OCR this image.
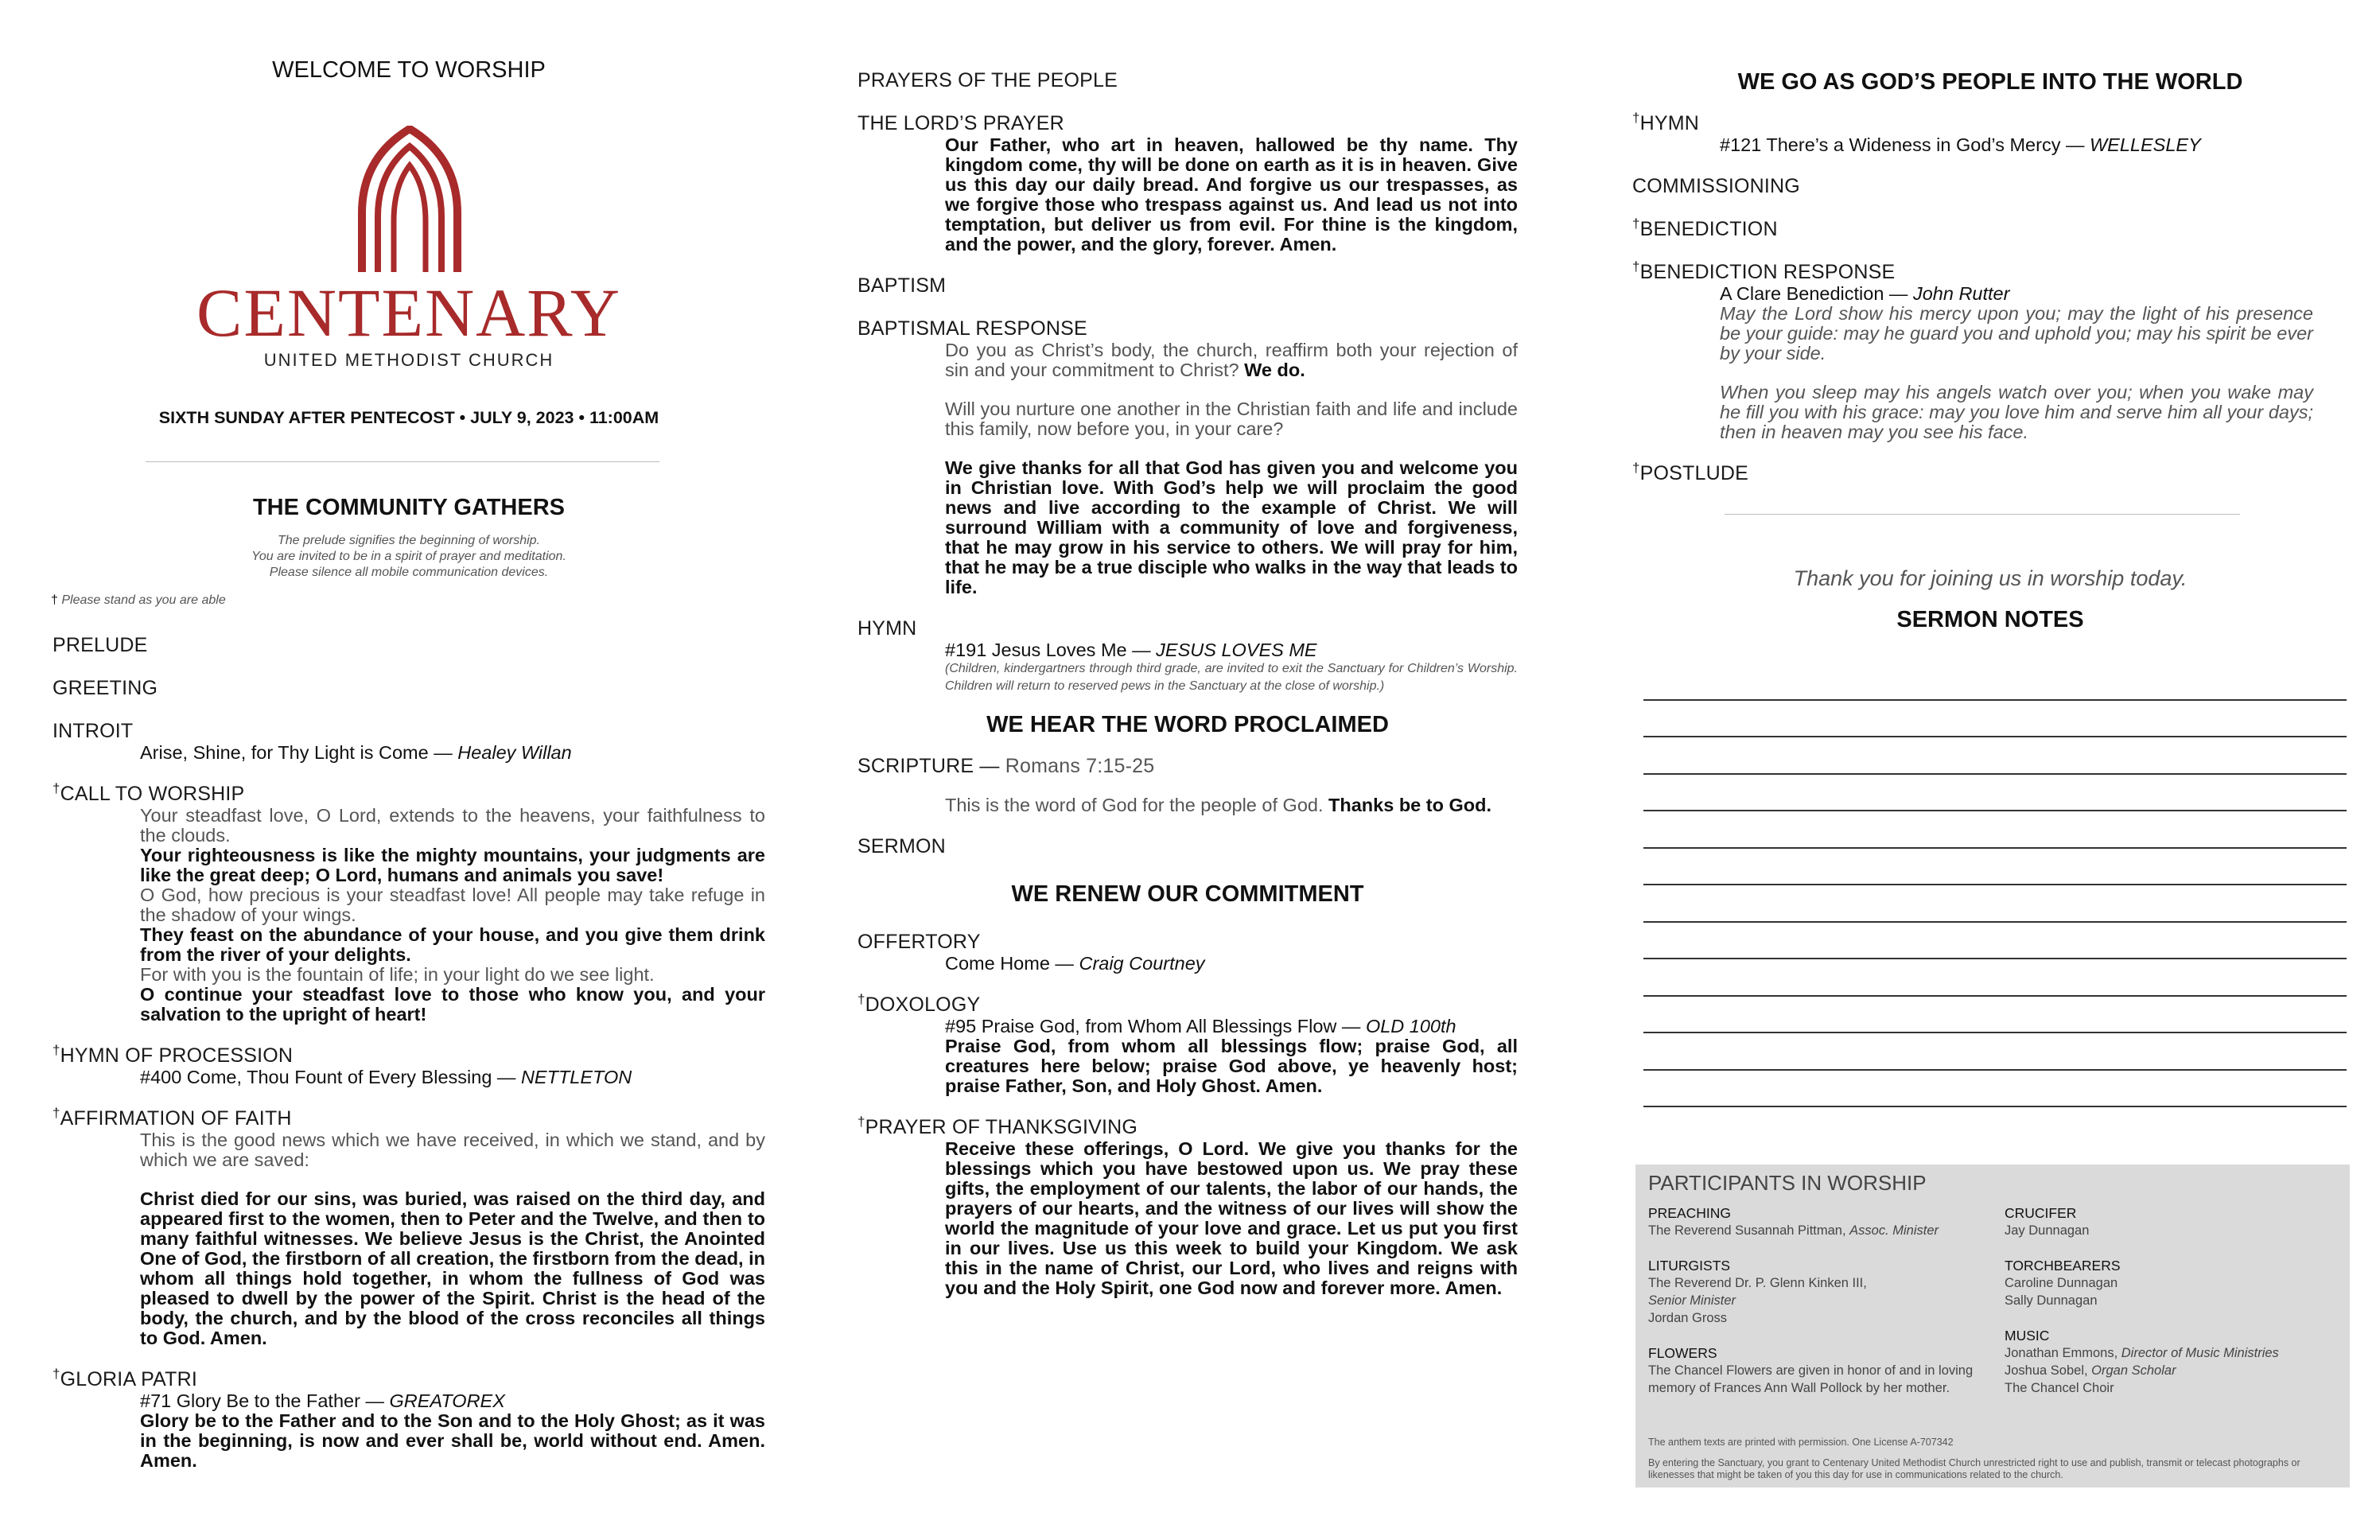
WELCOME TO WORSHIP
CENTENARY
UNITED METHODIST CHURCH
SIXTH SUNDAY AFTER PENTECOST • JULY 9, 2023 • 11:00AM
THE COMMUNITY GATHERS
The prelude signifies the beginning of worship.
You are invited to be in a spirit of prayer and meditation.
Please silence all mobile communication devices.
† Please stand as you are able
PRELUDE
GREETING
INTROIT
Arise, Shine, for Thy Light is Come — Healey Willan
†CALL TO WORSHIP
Your steadfast love, O Lord, extends to the heavens, your faithfulness to the clouds.
Your righteousness is like the mighty mountains, your judgments are like the great deep; O Lord, humans and animals you save!
O God, how precious is your steadfast love! All people may take refuge in the shadow of your wings.
They feast on the abundance of your house, and you give them drink from the river of your delights.
For with you is the fountain of life; in your light do we see light.
O continue your steadfast love to those who know you, and your salvation to the upright of heart!
†HYMN OF PROCESSION
#400 Come, Thou Fount of Every Blessing — NETTLETON
†AFFIRMATION OF FAITH
This is the good news which we have received, in which we stand, and by which we are saved:
Christ died for our sins, was buried, was raised on the third day, and appeared first to the women, then to Peter and the Twelve, and then to many faithful witnesses. We believe Jesus is the Christ, the Anointed One of God, the firstborn of all creation, the firstborn from the dead, in whom all things hold together, in whom the fullness of God was pleased to dwell by the power of the Spirit. Christ is the head of the body, the church, and by the blood of the cross reconciles all things to God. Amen.
†GLORIA PATRI
#71 Glory Be to the Father — GREATOREX
Glory be to the Father and to the Son and to the Holy Ghost; as it was in the beginning, is now and ever shall be, world without end. Amen. Amen.
PRAYERS OF THE PEOPLE
THE LORD’S PRAYER
Our Father, who art in heaven, hallowed be thy name. Thy kingdom come, thy will be done on earth as it is in heaven. Give us this day our daily bread. And forgive us our trespasses, as we forgive those who trespass against us. And lead us not into temptation, but deliver us from evil. For thine is the kingdom, and the power, and the glory, forever. Amen.
BAPTISM
BAPTISMAL RESPONSE
Do you as Christ’s body, the church, reaffirm both your rejection of sin and your commitment to Christ? We do.
Will you nurture one another in the Christian faith and life and include this family, now before you, in your care?
We give thanks for all that God has given you and welcome you in Christian love. With God’s help we will proclaim the good news and live according to the example of Christ. We will surround William with a community of love and forgiveness, that he may grow in his service to others. We will pray for him, that he may be a true disciple who walks in the way that leads to life.
HYMN
#191 Jesus Loves Me — JESUS LOVES ME
(Children, kindergartners through third grade, are invited to exit the Sanctuary for Children’s Worship. Children will return to reserved pews in the Sanctuary at the close of worship.)
WE HEAR THE WORD PROCLAIMED
SCRIPTURE — Romans 7:15-25
This is the word of God for the people of God. Thanks be to God.
SERMON
WE RENEW OUR COMMITMENT
OFFERTORY
Come Home — Craig Courtney
†DOXOLOGY
#95 Praise God, from Whom All Blessings Flow — OLD 100th
Praise God, from whom all blessings flow; praise God, all creatures here below; praise God above, ye heavenly host; praise Father, Son, and Holy Ghost. Amen.
†PRAYER OF THANKSGIVING
Receive these offerings, O Lord. We give you thanks for the blessings which you have bestowed upon us. We pray these gifts, the employment of our talents, the labor of our hands, the prayers of our hearts, and the witness of our lives will show the world the magnitude of your love and grace. Let us put you first in our lives. Use us this week to build your Kingdom. We ask this in the name of Christ, our Lord, who lives and reigns with you and the Holy Spirit, one God now and forever more. Amen.
WE GO AS GOD’S PEOPLE INTO THE WORLD
†HYMN
#121 There’s a Wideness in God’s Mercy — WELLESLEY
COMMISSIONING
†BENEDICTION
†BENEDICTION RESPONSE
A Clare Benediction — John Rutter
May the Lord show his mercy upon you; may the light of his presence be your guide: may he guard you and uphold you; may his spirit be ever by your side.
When you sleep may his angels watch over you; when you wake may he fill you with his grace: may you love him and serve him all your days; then in heaven may you see his face.
†POSTLUDE
Thank you for joining us in worship today.
SERMON NOTES
PARTICIPANTS IN WORSHIP
PREACHING
The Reverend Susannah Pittman, Assoc. Minister
LITURGISTS
The Reverend Dr. P. Glenn Kinken III,
Senior Minister
Jordan Gross
FLOWERS
The Chancel Flowers are given in honor of and in loving memory of Frances Ann Wall Pollock by her mother.
CRUCIFER
Jay Dunnagan
TORCHBEARERS
Caroline Dunnagan
Sally Dunnagan
MUSIC
Jonathan Emmons, Director of Music Ministries
Joshua Sobel, Organ Scholar
The Chancel Choir
The anthem texts are printed with permission. One License A-707342
By entering the Sanctuary, you grant to Centenary United Methodist Church unrestricted right to use and publish, transmit or telecast photographs or likenesses that might be taken of you this day for use in communications related to the church.
